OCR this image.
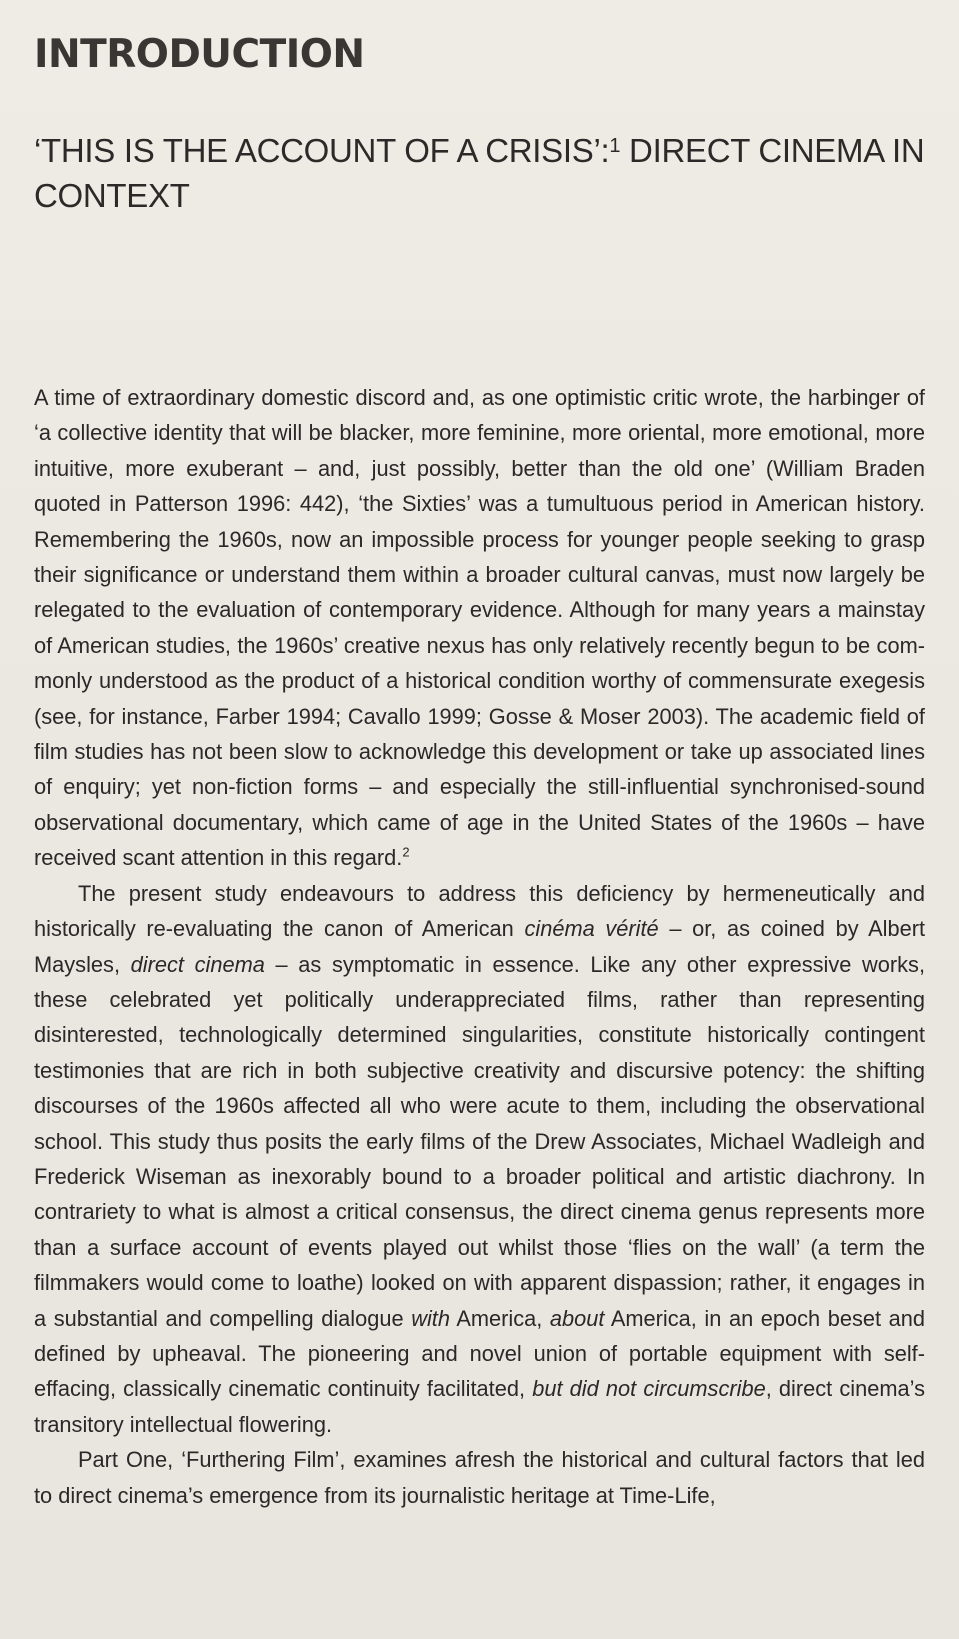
INTRODUCTION
‘THIS IS THE ACCOUNT OF A CRISIS’:$^1$ DIRECT CINEMA IN CONTEXT

A time of extraordinary domestic discord and, as one optimistic critic wrote, the harbinger of ‘a collective identity that will be blacker, more feminine, more oriental, more emotional, more intuitive, more exuberant – and, just possibly, better than the old one’ (William Braden quoted in Patterson 1996: 442), ‘the Sixties’ was a tumultuous period in American history. Remembering the 1960s, now an impossible process for younger people seeking to grasp their significance or understand them within a broader cultural canvas, must now largely be relegated to the evaluation of contemporary evidence. Although for many years a mainstay of American studies, the 1960s’ creative nexus has only relatively recently begun to be commonly understood as the product of a historical condition worthy of commensurate exegesis (see, for instance, Farber 1994; Cavallo 1999; Gosse & Moser 2003). The academic field of film studies has not been slow to acknowledge this development or take up associated lines of enquiry; yet non-fiction forms – and especially the still-influential synchronised-sound observational documentary, which came of age in the United States of the 1960s – have received scant attention in this regard.$^2$

The present study endeavours to address this deficiency by hermeneutically and historically re-evaluating the canon of American cinéma vérité – or, as coined by Albert Maysles, direct cinema – as symptomatic in essence. Like any other expressive works, these celebrated yet politically underappreciated films, rather than representing disinterested, technologically determined singularities, constitute historically contingent testimonies that are rich in both subjective creativity and discursive potency: the shifting discourses of the 1960s affected all who were acute to them, including the observational school. This study thus posits the early films of the Drew Associates, Michael Wadleigh and Frederick Wiseman as inexorably bound to a broader political and artistic diachrony. In contrariety to what is almost a critical consensus, the direct cinema genus represents more than a surface account of events played out whilst those ‘flies on the wall’ (a term the filmmakers would come to loathe) looked on with apparent dispassion; rather, it engages in a substantial and compelling dialogue with America, about America, in an epoch beset and defined by upheaval. The pioneering and novel union of portable equipment with self-effacing, classically cinematic continuity facilitated, but did not circumscribe, direct cinema’s transitory intellectual flowering.

Part One, ‘Furthering Film’, examines afresh the historical and cultural factors that led to direct cinema’s emergence from its journalistic heritage at Time-Life,
